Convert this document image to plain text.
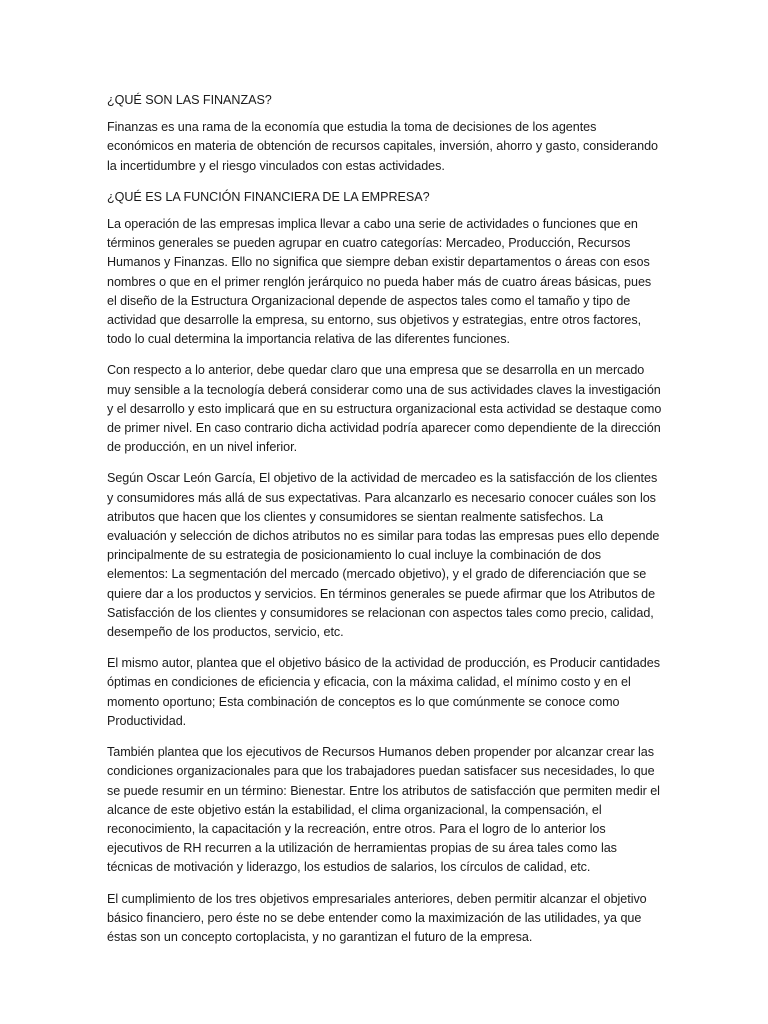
¿QUÉ SON LAS FINANZAS?

Finanzas es una rama de la economía que estudia la toma de decisiones de los agentes económicos en materia de obtención de recursos capitales, inversión, ahorro y gasto, considerando la incertidumbre y el riesgo vinculados con estas actividades.

¿QUÉ ES LA FUNCIÓN FINANCIERA DE LA EMPRESA?

La operación de las empresas implica llevar a cabo una serie de actividades o funciones que en términos generales se pueden agrupar en cuatro categorías: Mercadeo, Producción, Recursos Humanos y Finanzas. Ello no significa que siempre deban existir departamentos o áreas con esos nombres o que en el primer renglón jerárquico no pueda haber más de cuatro áreas básicas, pues el diseño de la Estructura Organizacional depende de aspectos tales como el tamaño y tipo de actividad que desarrolle la empresa, su entorno, sus objetivos y estrategias, entre otros factores, todo lo cual determina la importancia relativa de las diferentes funciones.

Con respecto a lo anterior, debe quedar claro que una empresa que se desarrolla en un mercado muy sensible a la tecnología deberá considerar como una de sus actividades claves la investigación y el desarrollo y esto implicará que en su estructura organizacional esta actividad se destaque como de primer nivel. En caso contrario dicha actividad podría aparecer como dependiente de la dirección de producción, en un nivel inferior.

Según Oscar León García, El objetivo de la actividad de mercadeo es la satisfacción de los clientes y consumidores más allá de sus expectativas. Para alcanzarlo es necesario conocer cuáles son los atributos que hacen que los clientes y consumidores se sientan realmente satisfechos. La evaluación y selección de dichos atributos no es similar para todas las empresas pues ello depende principalmente de su estrategia de posicionamiento lo cual incluye la combinación de dos elementos: La segmentación del mercado (mercado objetivo), y el grado de diferenciación que se quiere dar a los productos y servicios. En términos generales se puede afirmar que los Atributos de Satisfacción de los clientes y consumidores se relacionan con aspectos tales como precio, calidad, desempeño de los productos, servicio, etc.

El mismo autor, plantea que el objetivo básico de la actividad de producción, es Producir cantidades óptimas en condiciones de eficiencia y eficacia, con la máxima calidad, el mínimo costo y en el momento oportuno; Esta combinación de conceptos es lo que comúnmente se conoce como Productividad.

También plantea que los ejecutivos de Recursos Humanos deben propender por alcanzar crear las condiciones organizacionales para que los trabajadores puedan satisfacer sus necesidades, lo que se puede resumir en un término: Bienestar. Entre los atributos de satisfacción que permiten medir el alcance de este objetivo están la estabilidad, el clima organizacional, la compensación, el reconocimiento, la capacitación y la recreación, entre otros. Para el logro de lo anterior los ejecutivos de RH recurren a la utilización de herramientas propias de su área tales como las técnicas de motivación y liderazgo, los estudios de salarios, los círculos de calidad, etc.

El cumplimiento de los tres objetivos empresariales anteriores, deben permitir alcanzar el objetivo básico financiero, pero éste no se debe entender como la maximización de las utilidades, ya que éstas son un concepto cortoplacista, y no garantizan el futuro de la empresa.
